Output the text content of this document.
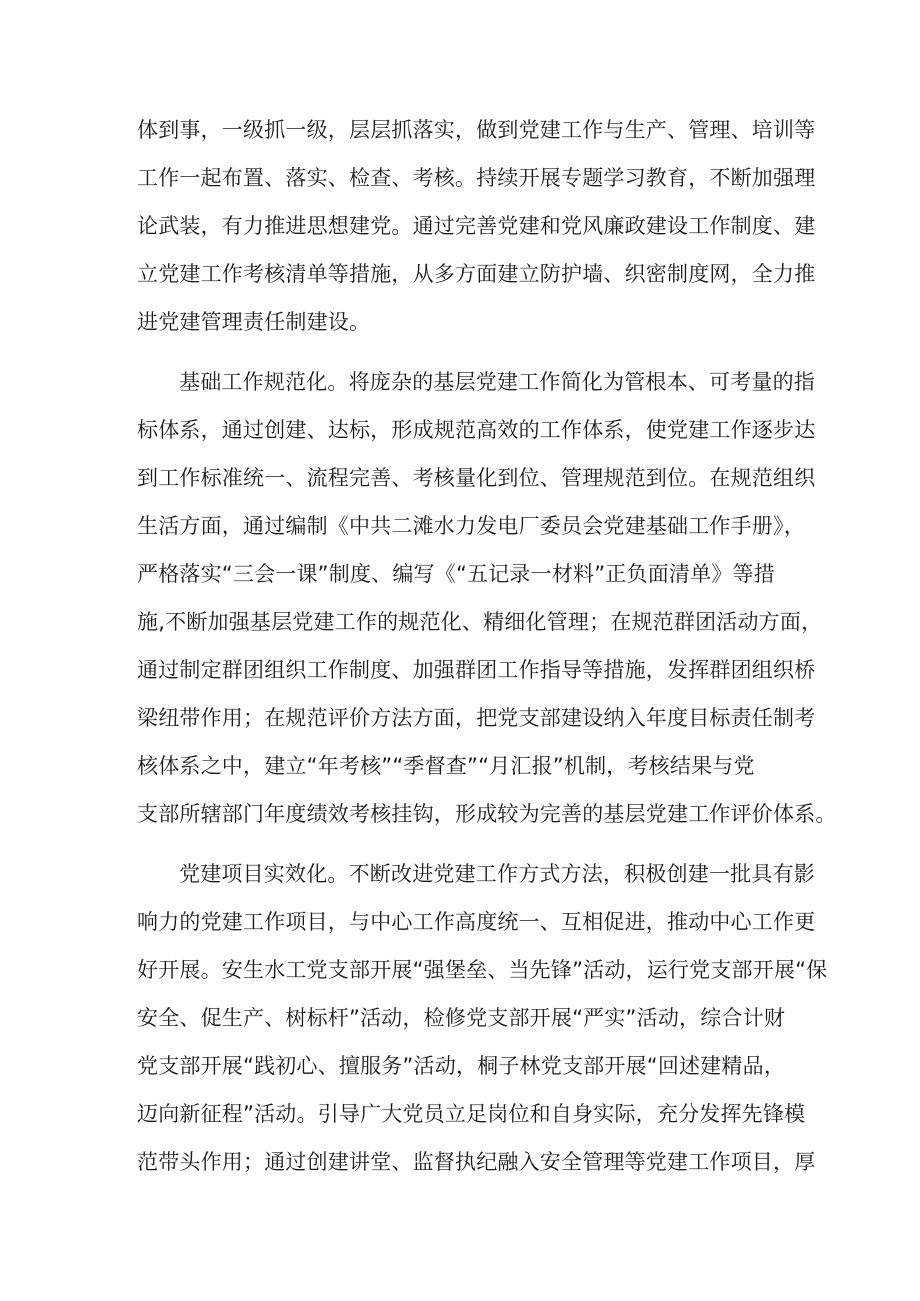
体到事，一级抓一级，层层抓落实，做到党建工作与生产、管理、培训等
工作一起布置、落实、检查、考核。持续开展专题学习教育，不断加强理
论武装，有力推进思想建党。通过完善党建和党风廉政建设工作制度、建
立党建工作考核清单等措施，从多方面建立防护墙、织密制度网，全力推
进党建管理责任制建设。
基础工作规范化。将庞杂的基层党建工作简化为管根本、可考量的指
标体系，通过创建、达标，形成规范高效的工作体系，使党建工作逐步达
到工作标准统一、流程完善、考核量化到位、管理规范到位。在规范组织
生活方面，通过编制《中共二滩水力发电厂委员会党建基础工作手册》，
严格落实“三会一课”制度、编写《“五记录一材料”正负面清单》等措
施,不断加强基层党建工作的规范化、精细化管理；在规范群团活动方面，
通过制定群团组织工作制度、加强群团工作指导等措施，发挥群团组织桥
梁纽带作用；在规范评价方法方面，把党支部建设纳入年度目标责任制考
核体系之中，建立“年考核”“季督查”“月汇报”机制，考核结果与党
支部所辖部门年度绩效考核挂钩，形成较为完善的基层党建工作评价体系。
党建项目实效化。不断改进党建工作方式方法，积极创建一批具有影
响力的党建工作项目，与中心工作高度统一、互相促进，推动中心工作更
好开展。安生水工党支部开展“强堡垒、当先锋”活动，运行党支部开展“保
安全、促生产、树标杆”活动，检修党支部开展“严实”活动，综合计财
党支部开展“践初心、擅服务”活动，桐子林党支部开展“回述建精品，
迈向新征程”活动。引导广大党员立足岗位和自身实际，充分发挥先锋模
范带头作用；通过创建讲堂、监督执纪融入安全管理等党建工作项目，厚
